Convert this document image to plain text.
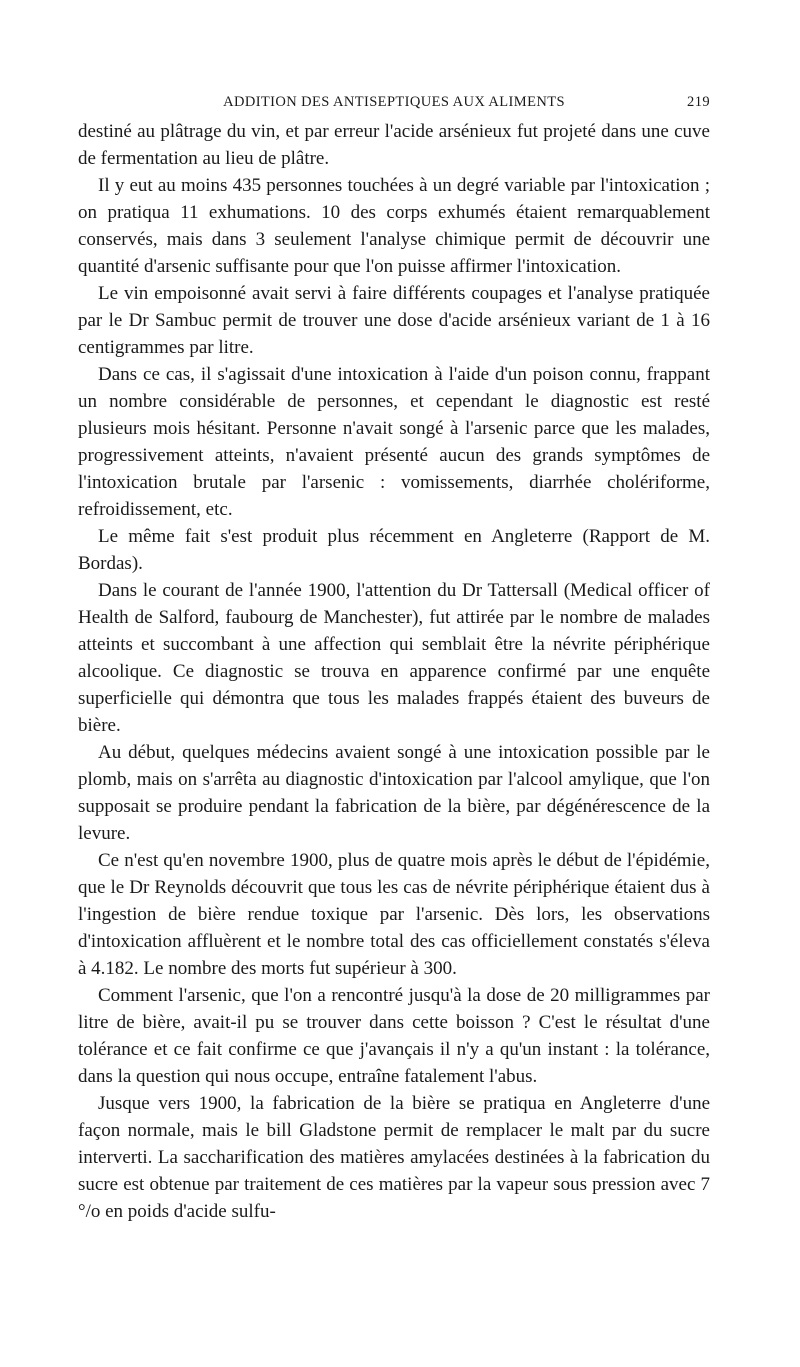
ADDITION DES ANTISEPTIQUES AUX ALIMENTS	219

destiné au plâtrage du vin, et par erreur l'acide arsénieux fut projeté dans une cuve de fermentation au lieu de plâtre.

Il y eut au moins 435 personnes touchées à un degré variable par l'intoxication ; on pratiqua 11 exhumations. 10 des corps exhumés étaient remarquablement conservés, mais dans 3 seulement l'analyse chimique permit de découvrir une quantité d'arsenic suffisante pour que l'on puisse affirmer l'intoxication.

Le vin empoisonné avait servi à faire différents coupages et l'analyse pratiquée par le Dr Sambuc permit de trouver une dose d'acide arsénieux variant de 1 à 16 centigrammes par litre.

Dans ce cas, il s'agissait d'une intoxication à l'aide d'un poison connu, frappant un nombre considérable de personnes, et cependant le diagnostic est resté plusieurs mois hésitant. Personne n'avait songé à l'arsenic parce que les malades, progressivement atteints, n'avaient présenté aucun des grands symptômes de l'intoxication brutale par l'arsenic : vomissements, diarrhée cholériforme, refroidissement, etc.

Le même fait s'est produit plus récemment en Angleterre (Rapport de M. Bordas).

Dans le courant de l'année 1900, l'attention du Dr Tattersall (Medical officer of Health de Salford, faubourg de Manchester), fut attirée par le nombre de malades atteints et succombant à une affection qui semblait être la névrite périphérique alcoolique. Ce diagnostic se trouva en apparence confirmé par une enquête superficielle qui démontra que tous les malades frappés étaient des buveurs de bière.

Au début, quelques médecins avaient songé à une intoxication possible par le plomb, mais on s'arrêta au diagnostic d'intoxication par l'alcool amylique, que l'on supposait se produire pendant la fabrication de la bière, par dégénérescence de la levure.

Ce n'est qu'en novembre 1900, plus de quatre mois après le début de l'épidémie, que le Dr Reynolds découvrit que tous les cas de névrite périphérique étaient dus à l'ingestion de bière rendue toxique par l'arsenic. Dès lors, les observations d'intoxication affluèrent et le nombre total des cas officiellement constatés s'éleva à 4.182. Le nombre des morts fut supérieur à 300.

Comment l'arsenic, que l'on a rencontré jusqu'à la dose de 20 milligrammes par litre de bière, avait-il pu se trouver dans cette boisson ? C'est le résultat d'une tolérance et ce fait confirme ce que j'avançais il n'y a qu'un instant : la tolérance, dans la question qui nous occupe, entraîne fatalement l'abus.

Jusque vers 1900, la fabrication de la bière se pratiqua en Angleterre d'une façon normale, mais le bill Gladstone permit de remplacer le malt par du sucre interverti. La saccharification des matières amylacées destinées à la fabrication du sucre est obtenue par traitement de ces matières par la vapeur sous pression avec 7 °/o en poids d'acide sulfu-
